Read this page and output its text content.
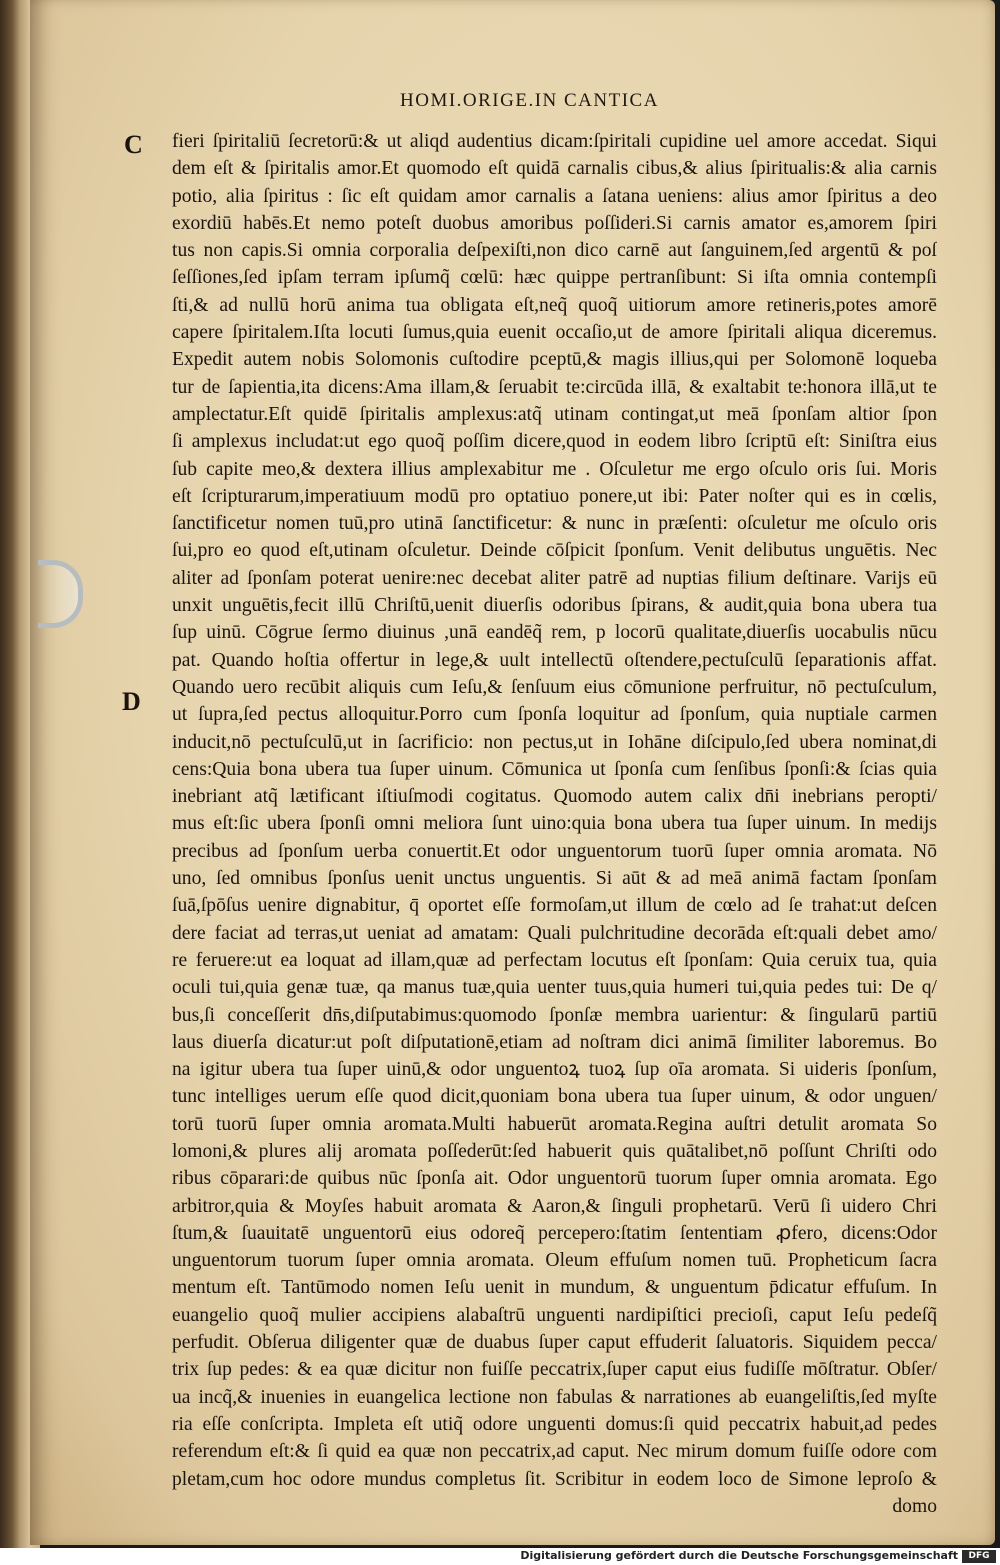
HOMI.ORIGE.IN CANTICA
C
D
fieri ſpiritaliū ſecretorū:& ut aliqd audentius dicam:ſpiritali cupidine uel amore accedat. Siqui
dem eſt & ſpiritalis amor.Et quomodo eſt quidā carnalis cibus,& alius ſpiritualis:& alia carnis
potio, alia ſpiritus : ſic eſt quidam amor carnalis a ſatana ueniens: alius amor ſpiritus a deo
exordiū habēs.Et nemo poteſt duobus amoribus poſſideri.Si carnis amator es,amorem ſpiri
tus non capis.Si omnia corporalia deſpexiſti,non dico carnē aut ſanguinem,ſed argentū & poſ
ſeſſiones,ſed ipſam terram ipſumq̃ cœlū: hæc quippe pertranſibunt: Si iſta omnia contempſi
ſti,& ad nullū horū anima tua obligata eſt,neq̃ quoq̃ uitiorum amore retineris,potes amorē
capere ſpiritalem.Iſta locuti ſumus,quia euenit occaſio,ut de amore ſpiritali aliqua diceremus.
Expedit autem nobis Solomonis cuſtodire pceptū,& magis illius,qui per Solomonē loqueba
tur de ſapientia,ita dicens:Ama illam,& ſeruabit te:circūda illā, & exaltabit te:honora illā,ut te
amplectatur.Eſt quidē ſpiritalis amplexus:atq̃ utinam contingat,ut meā ſponſam altior ſpon
ſi amplexus includat:ut ego quoq̃ poſſim dicere,quod in eodem libro ſcriptū eſt: Siniſtra eius
ſub capite meo,& dextera illius amplexabitur me . Oſculetur me ergo oſculo oris ſui. Moris
eſt ſcripturarum,imperatiuum modū pro optatiuo ponere,ut ibi: Pater noſter qui es in cœlis,
ſanctificetur nomen tuū,pro utinā ſanctificetur: & nunc in præſenti: oſculetur me oſculo oris
ſui,pro eo quod eſt,utinam oſculetur. Deinde cōſpicit ſponſum. Venit delibutus unguētis. Nec
aliter ad ſponſam poterat uenire:nec decebat aliter patrē ad nuptias filium deſtinare. Varijs eū
unxit unguētis,fecit illū Chriſtū,uenit diuerſis odoribus ſpirans, & audit,quia bona ubera tua
ſup uinū. Cōgrue ſermo diuinus ,unā eandēq̃ rem, p locorū qualitate,diuerſis uocabulis nūcu
pat. Quando hoſtia offertur in lege,& uult intellectū oſtendere,pectuſculū ſeparationis affat.
Quando uero recūbit aliquis cum Ieſu,& ſenſuum eius cōmunione perfruitur, nō pectuſculum,
ut ſupra,ſed pectus alloquitur.Porro cum ſponſa loquitur ad ſponſum, quia nuptiale carmen
inducit,nō pectuſculū,ut in ſacrificio: non pectus,ut in Iohāne diſcipulo,ſed ubera nominat,di
cens:Quia bona ubera tua ſuper uinum. Cōmunica ut ſponſa cum ſenſibus ſponſi:& ſcias quia
inebriant atq̃ lætificant iſtiuſmodi cogitatus. Quomodo autem calix dn̄i inebrians peropti/
mus eſt:ſic ubera ſponſi omni meliora ſunt uino:quia bona ubera tua ſuper uinum. In medijs
precibus ad ſponſum uerba conuertit.Et odor unguentorum tuorū ſuper omnia aromata. Nō
uno, ſed omnibus ſponſus uenit unctus unguentis. Si aūt & ad meā animā factam ſponſam
ſuā,ſpōſus uenire dignabitur, q̄ oportet eſſe formoſam,ut illum de cœlo ad ſe trahat:ut deſcen
dere faciat ad terras,ut ueniat ad amatam: Quali pulchritudine decorāda eſt:quali debet amo/
re feruere:ut ea loquat ad illam,quæ ad perfectam locutus eſt ſponſam: Quia ceruix tua, quia
oculi tui,quia genæ tuæ, qa manus tuæ,quia uenter tuus,quia humeri tui,quia pedes tui: De q/
bus,ſi conceſſerit dn̄s,diſputabimus:quomodo ſponſæ membra uarientur: & ſingularū partiū
laus diuerſa dicatur:ut poſt diſputationē,etiam ad noſtram dici animā ſimiliter laboremus. Bo
na igitur ubera tua ſuper uinū,& odor unguentoꝝ tuoꝝ ſup oīa aromata. Si uideris ſponſum,
tunc intelliges uerum eſſe quod dicit,quoniam bona ubera tua ſuper uinum, & odor unguen/
torū tuorū ſuper omnia aromata.Multi habuerūt aromata.Regina auſtri detulit aromata So
lomoni,& plures alij aromata poſſederūt:ſed habuerit quis quātalibet,nō poſſunt Chriſti odo
ribus cōparari:de quibus nūc ſponſa ait. Odor unguentorū tuorum ſuper omnia aromata. Ego
arbitror,quia & Moyſes habuit aromata & Aaron,& ſinguli prophetarū. Verū ſi uidero Chri
ſtum,& ſuauitatē unguentorū eius odoreq̃ percepero:ſtatim ſententiam ꝓfero, dicens:Odor
unguentorum tuorum ſuper omnia aromata. Oleum effuſum nomen tuū. Propheticum ſacra
mentum eſt. Tantūmodo nomen Ieſu uenit in mundum, & unguentum p̄dicatur effuſum. In
euangelio quoq̃ mulier accipiens alabaſtrū unguenti nardipiſtici precioſi, caput Ieſu pedeſq̃
perfudit. Obſerua diligenter quæ de duabus ſuper caput effuderit ſaluatoris. Siquidem pecca/
trix ſup pedes: & ea quæ dicitur non fuiſſe peccatrix,ſuper caput eius fudiſſe mōſtratur. Obſer/
ua incq̃,& inuenies in euangelica lectione non fabulas & narrationes ab euangeliſtis,ſed myſte
ria eſſe conſcripta. Impleta eſt utiq̃ odore unguenti domus:ſi quid peccatrix habuit,ad pedes
referendum eſt:& ſi quid ea quæ non peccatrix,ad caput. Nec mirum domum fuiſſe odore com
pletam,cum hoc odore mundus completus ſit. Scribitur in eodem loco de Simone leproſo &
domo
Digitalisierung gefördert durch die Deutsche Forschungsgemeinschaft	DFG
